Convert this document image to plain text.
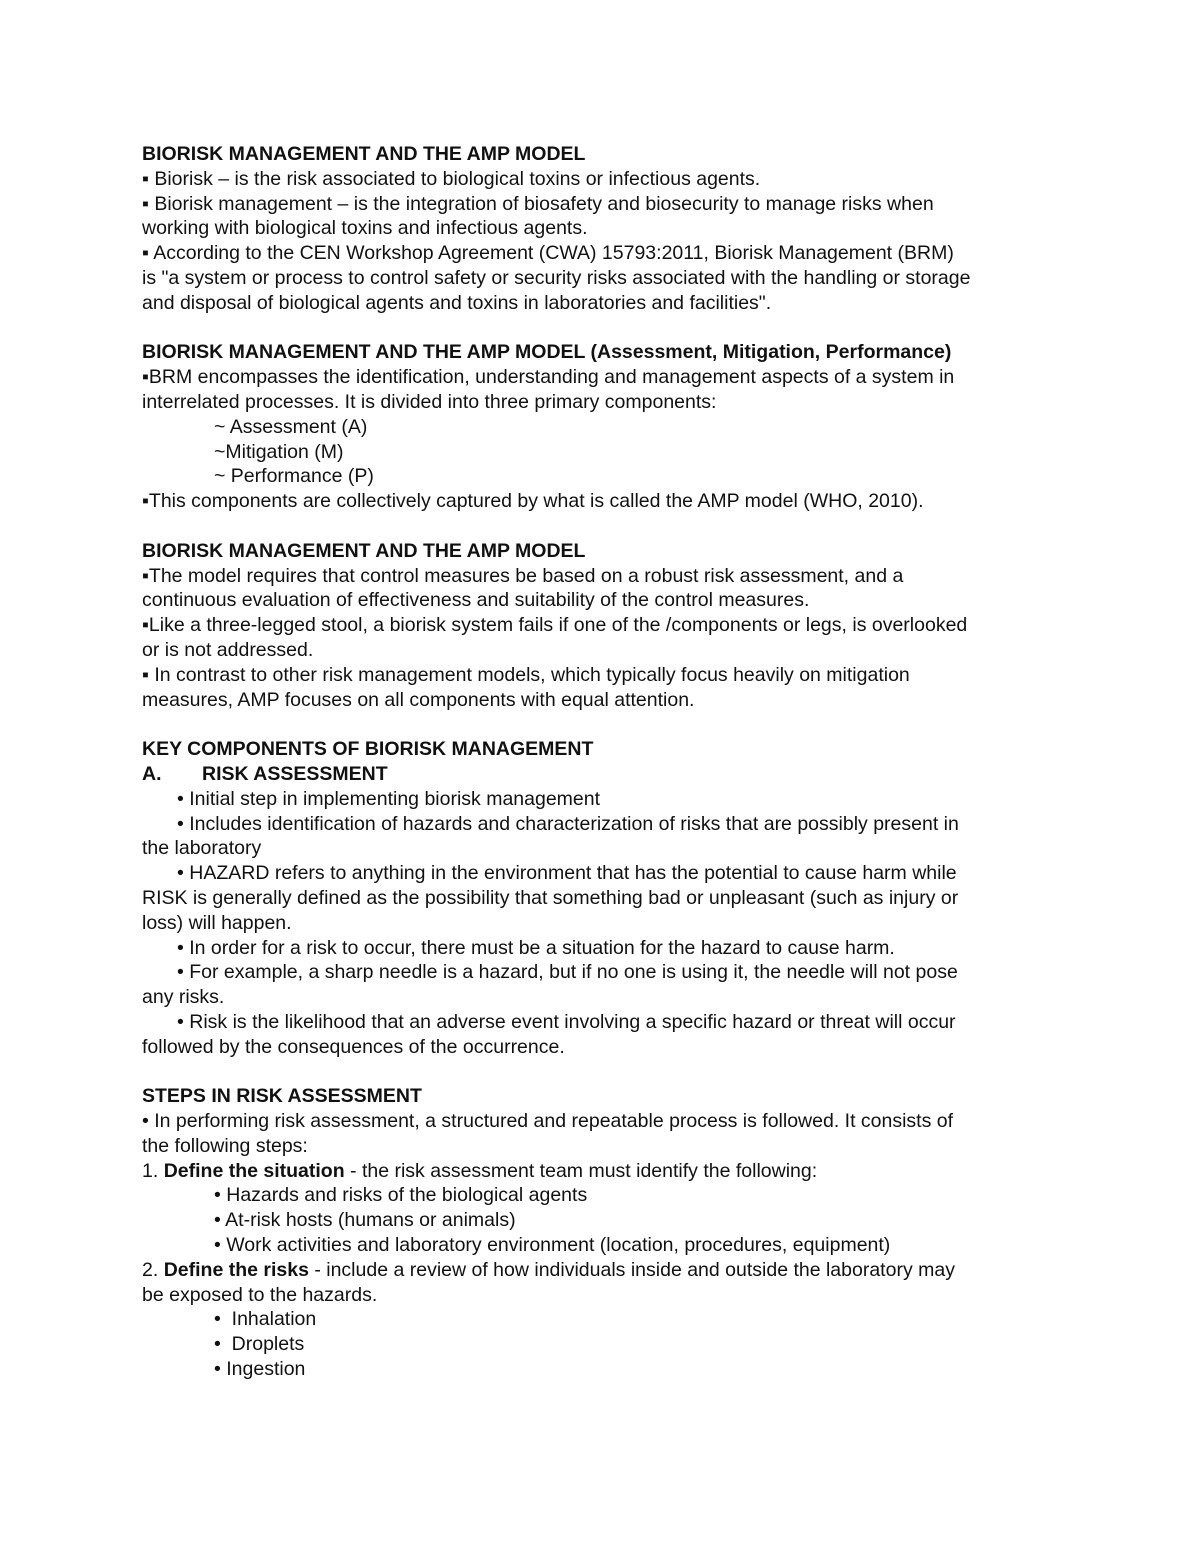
BIORISK MANAGEMENT AND THE AMP MODEL
▪ Biorisk – is the risk associated to biological toxins or infectious agents.
▪ Biorisk management – is the integration of biosafety and biosecurity to manage risks when
working with biological toxins and infectious agents.
▪ According to the CEN Workshop Agreement (CWA) 15793:2011, Biorisk Management (BRM)
is "a system or process to control safety or security risks associated with the handling or storage
and disposal of biological agents and toxins in laboratories and facilities".
BIORISK MANAGEMENT AND THE AMP MODEL (Assessment, Mitigation, Performance)
▪BRM encompasses the identification, understanding and management aspects of a system in
interrelated processes. It is divided into three primary components:
~ Assessment (A)
~Mitigation (M)
~ Performance (P)
▪This components are collectively captured by what is called the AMP model (WHO, 2010).
BIORISK MANAGEMENT AND THE AMP MODEL
▪The model requires that control measures be based on a robust risk assessment, and a
continuous evaluation of effectiveness and suitability of the control measures.
▪Like a three-legged stool, a biorisk system fails if one of the /components or legs, is overlooked
or is not addressed.
▪ In contrast to other risk management models, which typically focus heavily on mitigation
measures, AMP focuses on all components with equal attention.
KEY COMPONENTS OF BIORISK MANAGEMENT
A. RISK ASSESSMENT
• Initial step in implementing biorisk management
• Includes identification of hazards and characterization of risks that are possibly present in
the laboratory
• HAZARD refers to anything in the environment that has the potential to cause harm while
RISK is generally defined as the possibility that something bad or unpleasant (such as injury or
loss) will happen.
• In order for a risk to occur, there must be a situation for the hazard to cause harm.
• For example, a sharp needle is a hazard, but if no one is using it, the needle will not pose
any risks.
• Risk is the likelihood that an adverse event involving a specific hazard or threat will occur
followed by the consequences of the occurrence.
STEPS IN RISK ASSESSMENT
• In performing risk assessment, a structured and repeatable process is followed. It consists of
the following steps:
1. Define the situation - the risk assessment team must identify the following:
• Hazards and risks of the biological agents
• At-risk hosts (humans or animals)
• Work activities and laboratory environment (location, procedures, equipment)
2. Define the risks - include a review of how individuals inside and outside the laboratory may
be exposed to the hazards.
•  Inhalation
•  Droplets
• Ingestion
